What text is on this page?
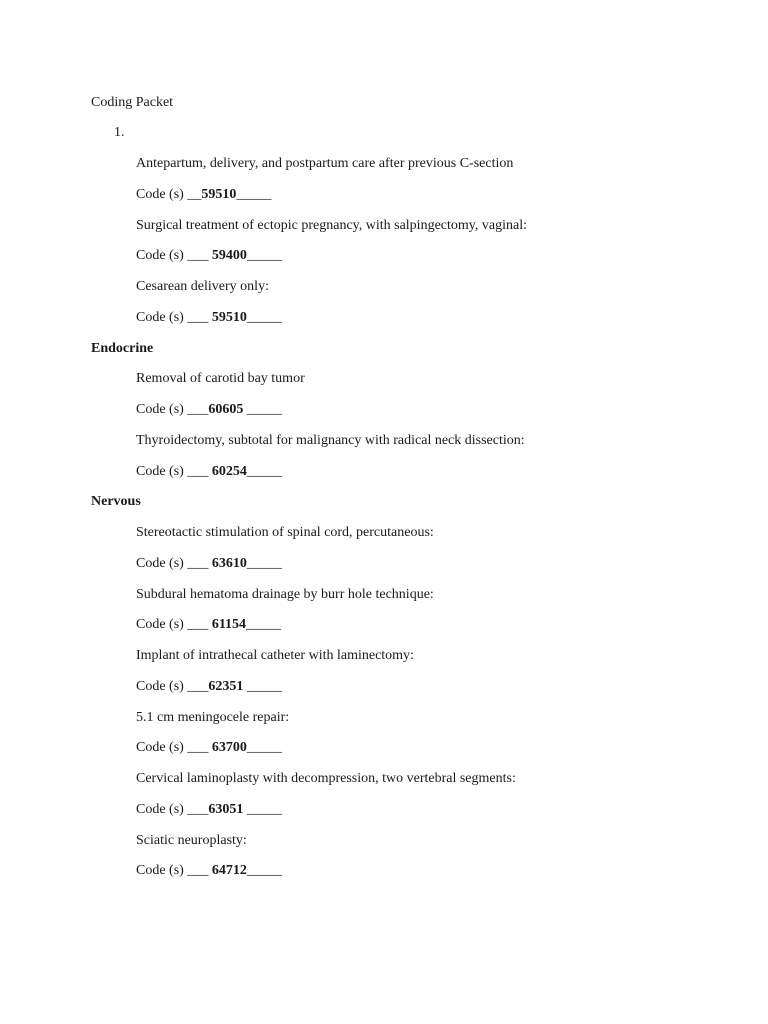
Coding Packet
1.
Antepartum, delivery, and postpartum care after previous C-section
Code (s) __59510_____
Surgical treatment of ectopic pregnancy, with salpingectomy, vaginal:
Code (s) ___ 59400_____
Cesarean delivery only:
Code (s) ___ 59510_____
Endocrine
Removal of carotid bay tumor
Code (s) ___60605 _____
Thyroidectomy, subtotal for malignancy with radical neck dissection:
Code (s) ___ 60254_____
Nervous
Stereotactic stimulation of spinal cord, percutaneous:
Code (s) ___ 63610_____
Subdural hematoma drainage by burr hole technique:
Code (s) ___ 61154_____
Implant of intrathecal catheter with laminectomy:
Code (s) ___62351 _____
5.1 cm meningocele repair:
Code (s) ___ 63700_____
Cervical laminoplasty with decompression, two vertebral segments:
Code (s) ___63051 _____
Sciatic neuroplasty:
Code (s) ___ 64712_____
